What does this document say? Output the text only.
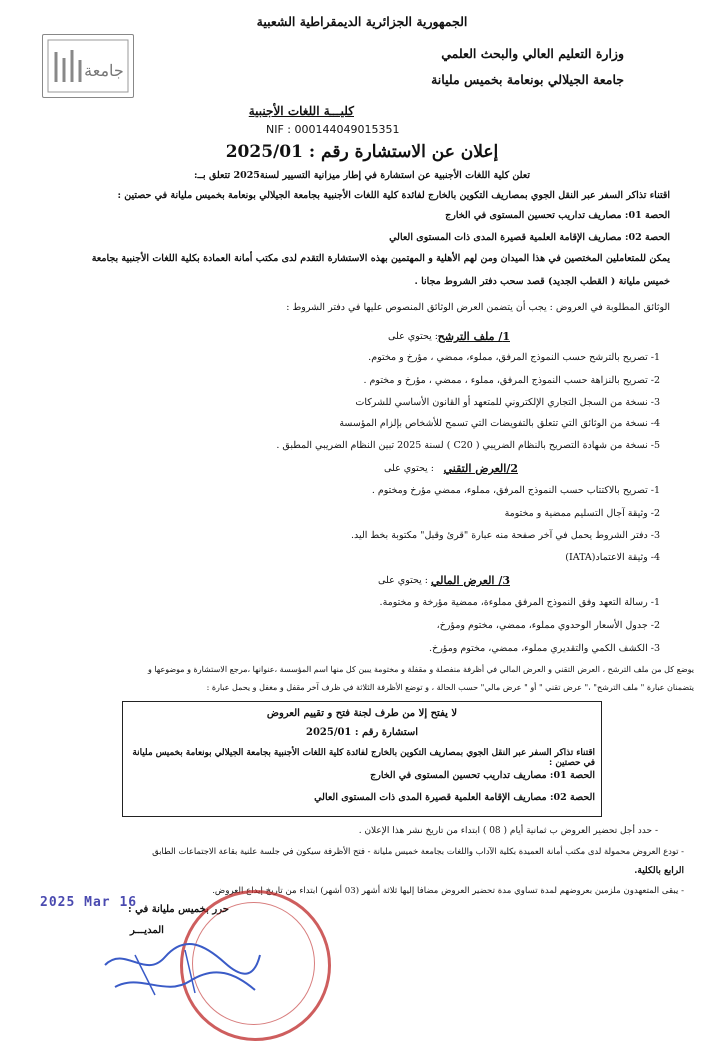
جامعة
الجمهورية الجزائرية الديمقراطية الشعبية
وزارة التعليم العالي والبحث العلمي
جامعة الجيلالي بونعامة بخميس مليانة
كليـــة اللغات الأجنبية
NIF : 000144049015351
إعلان عن الاستشارة رقم : 2025/01
تعلن كلية اللغات الأجنبية عن استشارة في إطار ميزانية التسيير لسنة2025 تتعلق بــ:
اقتناء تذاكر السفر عبر النقل الجوي بمصاريف التكوين بالخارج لفائدة كلية اللغات الأجنبية بجامعة الجيلالي بونعامة بخميس مليانة في حصتين :
الحصة 01: مصاريف تداريب تحسين المستوى في الخارج
الحصة 02: مصاريف الإقامة العلمية قصيرة المدى ذات المستوى العالي
يمكن للمتعاملين المختصين في هذا الميدان ومن لهم الأهلية و المهتمين بهذه الاستشارة التقدم لدى مكتب أمانة العمادة بكلية اللغات الأجنبية بجامعة
خميس مليانة ( القطب الجديد) قصد سحب دفتر الشروط مجانا .
الوثائق المطلوبة في العروض : يجب أن يتضمن العرض الوثائق المنصوص عليها في دفتر الشروط :
1/ ملف الترشح
: يحتوي على
1- تصريح بالترشح حسب النموذج المرفق، مملوء، ممضي ، مؤرخ و مختوم.
2- تصريح بالنزاهة حسب النموذج المرفق، مملوء ، ممضي ، مؤرخ و مختوم .
3- نسخة من السجل التجاري الإلكتروني للمتعهد أو القانون الأساسي للشركات
4- نسخة من الوثائق التي تتعلق بالتفويضات التي تسمح للأشخاص بإلزام المؤسسة
5- نسخة من شهادة التصريح بالنظام الضريبي ( C20 ) لسنة 2025 تبين النظام الضريبي المطبق .
2/العرض التقني
: يحتوي على
1- تصريح بالاكتتاب حسب النموذج المرفق، مملوء، ممضي مؤرخ ومختوم .
2- وثيقة آجال التسليم ممضية و مختومة
3- دفتر الشروط يحمل في آخر صفحة منه عبارة "قرئ وقبل" مكتوبة بخط اليد.
4- وثيقة الاعتماد(IATA)
3/ العرض المالي
: يحتوي على
1- رسالة التعهد وفق النموذج المرفق مملوءة، ممضية مؤرخة و مختومة.
2- جدول الأسعار الوحدوي مملوء، ممضي، مختوم ومؤرخ،
3- الكشف الكمي والتقديري مملوء، ممضي، مختوم ومؤرخ.
يوضع كل من ملف الترشح ، العرض التقني و العرض المالي في أظرفة منفصلة و مقفلة و مختومة يبين كل منها اسم المؤسسة ،عنوانها ،مرجع الاستشارة و موضوعها و
يتضمنان عبارة " ملف الترشح" ،" عرض تقني " أو " عرض مالي" حسب الحالة ، و توضع الأظرفة الثلاثة في ظرف آخر مقفل و مغفل و يحمل عبارة :
لا يفتح إلا من طرف لجنة فتح و تقييم العروض
استشارة رقم : 2025/01
اقتناء تذاكر السفر عبر النقل الجوي بمصاريف التكوين بالخارج لفائدة كلية اللغات الأجنبية بجامعة الجيلالي بونعامة بخميس مليانة في حصتين :
الحصة 01: مصاريف تداريب تحسين المستوى في الخارج
الحصة 02: مصاريف الإقامة العلمية قصيرة المدى ذات المستوى العالي
- حدد أجل تحضير العروض ب ثمانية أيام ( 08 ) ابتداء من تاريخ نشر هذا الإعلان .
- تودع العروض محمولة لدى مكتب أمانة العميدة بكلية الآداب واللغات بجامعة خميس مليانة - فتح الأظرفة سيكون في جلسة علنية بقاعة الاجتماعات الطابق
الرابع بالكلية.
- يبقى المتعهدون ملزمين بعروضهم لمدة تساوي مدة تحضير العروض مضافا إليها ثلاثة أشهر (03 أشهر) ابتداء من تاريخ إيداع العروض.
2025 Mar 16
حرر بخميس مليانة في :
المديـــر
